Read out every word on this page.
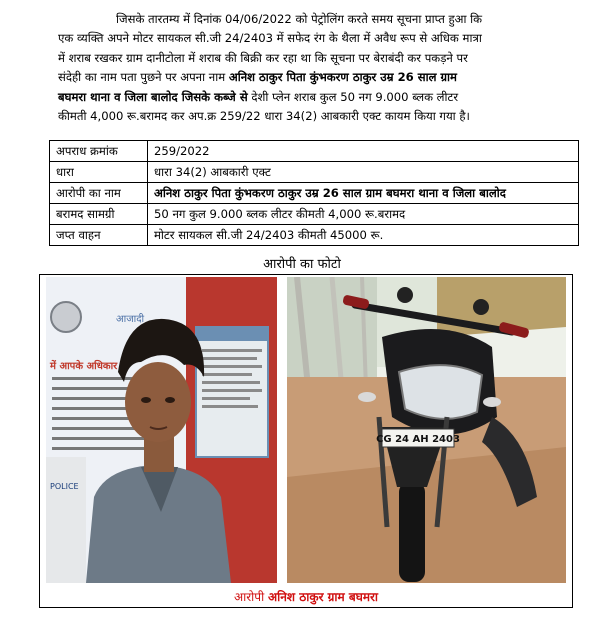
जिसके तारतम्य में दिनांक 04/06/2022 को पेट्रोलिंग करते समय सूचना प्राप्त हुआ कि
एक व्यक्ति अपने मोटर सायकल सी.जी 24/2403 में सफेद रंग के थैला में अवैध रूप से अधिक मात्रा
में शराब रखकर ग्राम दानीटोला में शराब की बिक्री कर रहा था कि सूचना पर बेराबंदी कर पकड़ने पर
संदेही का नाम पता पुछने पर अपना नाम अनिश ठाकुर पिता कुंभकरण ठाकुर उम्र 26 साल ग्राम
बघमरा थाना व जिला बालोद जिसके कब्जे से देशी प्लेन शराब कुल 50 नग 9.000 ब्लक लीटर
कीमती 4,000 रू.बरामद कर अप.क्र 259/22 धारा 34(2) आबकारी एक्ट कायम किया गया है।
अपराध क्रमांक	259/2022
धारा	धारा 34(2) आबकारी एक्ट
आरोपी का नाम	अनिश ठाकुर पिता कुंभकरण ठाकुर उम्र 26 साल ग्राम बघमरा थाना व जिला बालोद
बरामद सामग्री	50 नग कुल 9.000 ब्लक लीटर कीमती 4,000 रू.बरामद
जप्त वाहन	मोटर सायकल सी.जी 24/2403 कीमती 45000 रू.
आरोपी का फोटो
आजादी
में आपके अधिकार
POLICE
CG 24 AH 2403
आरोपी अनिश ठाकुर ग्राम बघमरा
